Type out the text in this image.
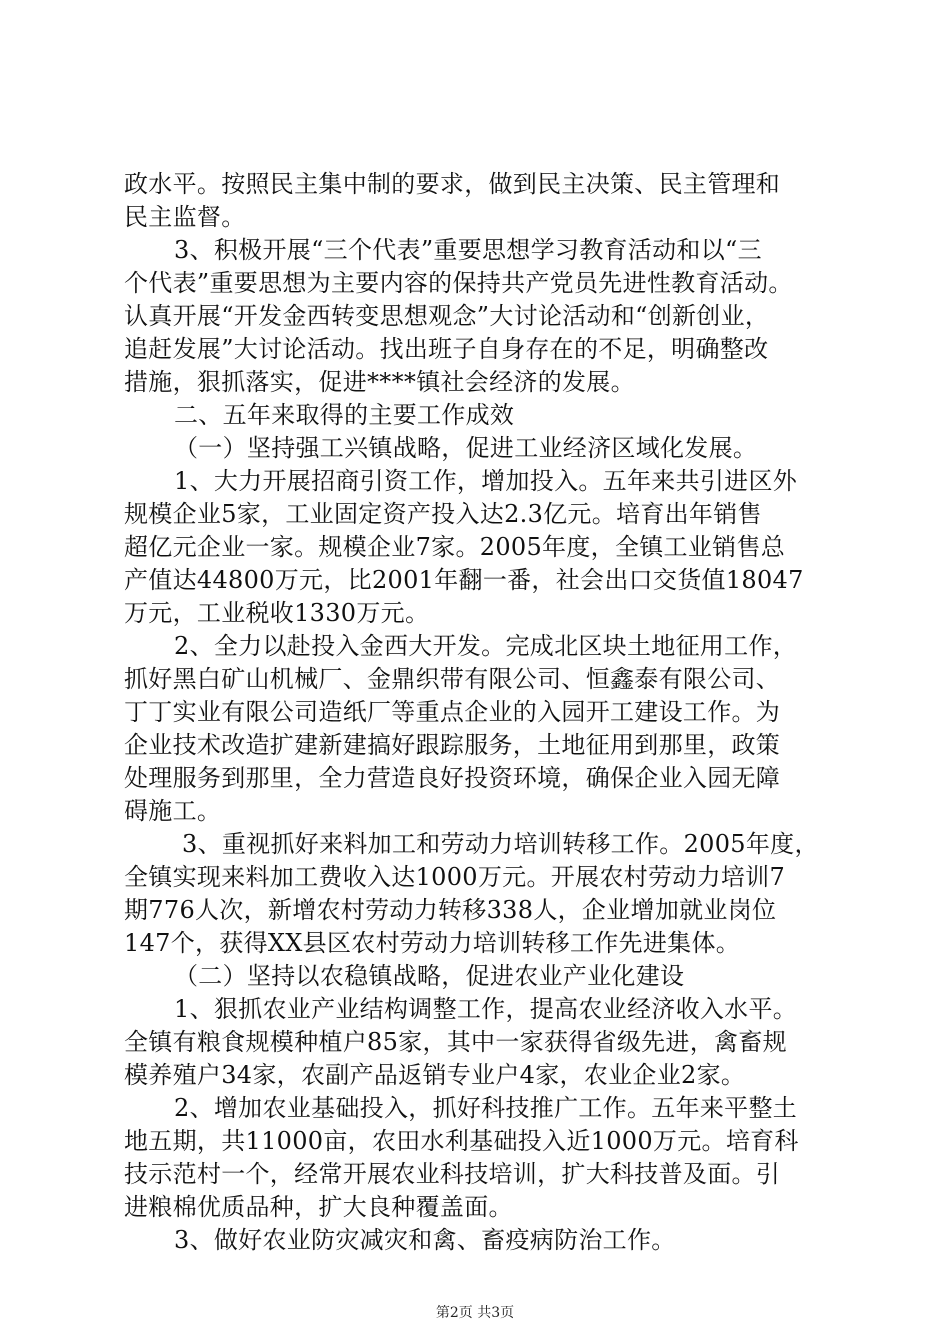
政水平。按照民主集中制的要求，做到民主决策、民主管理和
民主监督。
3、积极开展“三个代表”重要思想学习教育活动和以“三
个代表”重要思想为主要内容的保持共产党员先进性教育活动。
认真开展“开发金西转变思想观念”大讨论活动和“创新创业，
追赶发展”大讨论活动。找出班子自身存在的不足，明确整改
措施，狠抓落实，促进****镇社会经济的发展。
二、五年来取得的主要工作成效
（一）坚持强工兴镇战略，促进工业经济区域化发展。
1、大力开展招商引资工作，增加投入。五年来共引进区外
规模企业5家，工业固定资产投入达2.3亿元。培育出年销售
超亿元企业一家。规模企业7家。2005年度，全镇工业销售总
产值达44800万元，比2001年翻一番，社会出口交货值18047
万元，工业税收1330万元。
2、全力以赴投入金西大开发。完成北区块土地征用工作，
抓好黑白矿山机械厂、金鼎织带有限公司、恒鑫泰有限公司、
丁丁实业有限公司造纸厂等重点企业的入园开工建设工作。为
企业技术改造扩建新建搞好跟踪服务，土地征用到那里，政策
处理服务到那里，全力营造良好投资环境，确保企业入园无障
碍施工。
3、重视抓好来料加工和劳动力培训转移工作。2005年度，
全镇实现来料加工费收入达1000万元。开展农村劳动力培训7
期776人次，新增农村劳动力转移338人，企业增加就业岗位
147个，获得XX县区农村劳动力培训转移工作先进集体。
（二）坚持以农稳镇战略，促进农业产业化建设
1、狠抓农业产业结构调整工作，提高农业经济收入水平。
全镇有粮食规模种植户85家，其中一家获得省级先进，禽畜规
模养殖户34家，农副产品返销专业户4家，农业企业2家。
2、增加农业基础投入，抓好科技推广工作。五年来平整土
地五期，共11000亩，农田水利基础投入近1000万元。培育科
技示范村一个，经常开展农业科技培训，扩大科技普及面。引
进粮棉优质品种，扩大良种覆盖面。
3、做好农业防灾减灾和禽、畜疫病防治工作。
第2页 共3页
